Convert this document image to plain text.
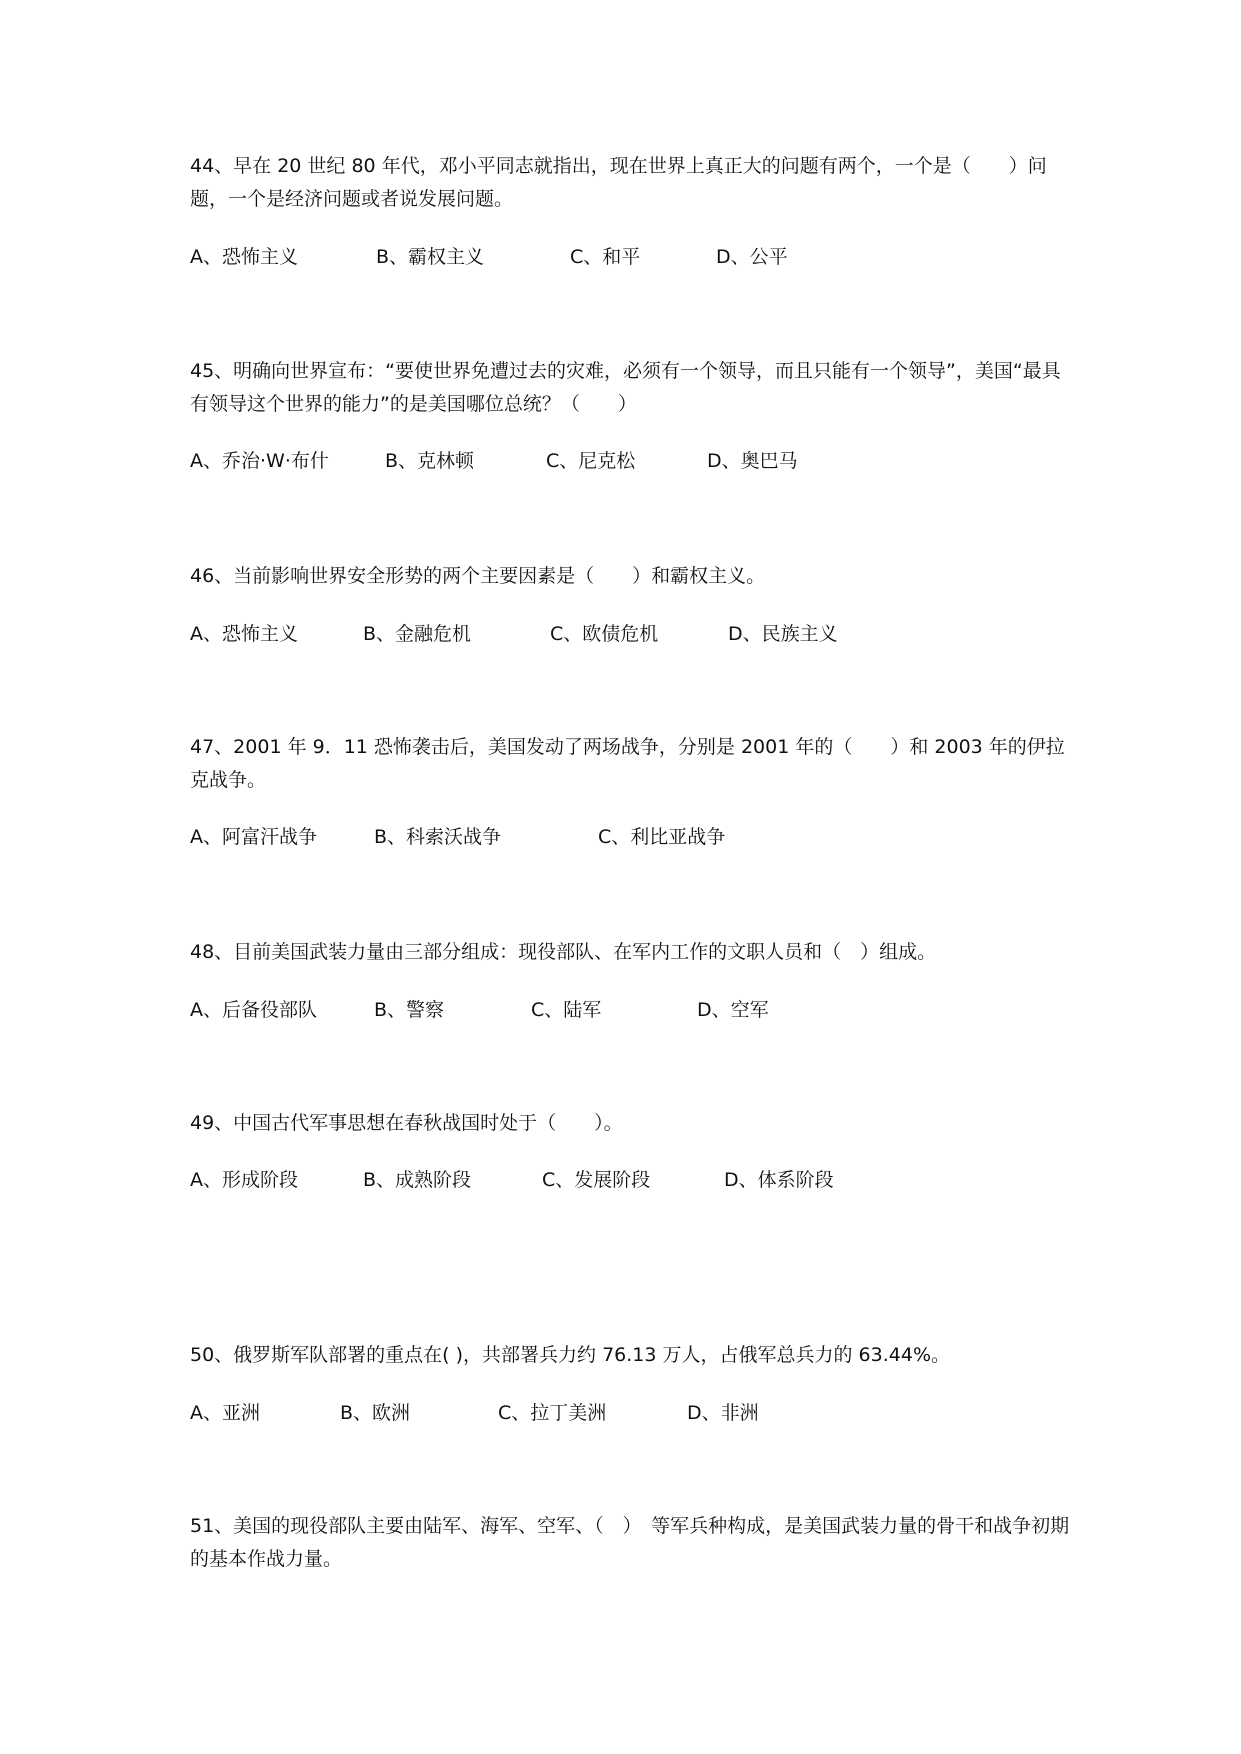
44、早在 20 世纪 80 年代，邓小平同志就指出，现在世界上真正大的问题有两个，一个是（　　）问题，一个是经济问题或者说发展问题。

A、恐怖主义	B、霸权主义	C、和平	D、公平

45、明确向世界宣布：“要使世界免遭过去的灾难，必须有一个领导，而且只能有一个领导”，美国“最具有领导这个世界的能力”的是美国哪位总统？（　　）

A、乔治·W·布什	B、克林顿	C、尼克松	D、奥巴马

46、当前影响世界安全形势的两个主要因素是（　　）和霸权主义。

A、恐怖主义	B、金融危机	C、欧债危机	D、民族主义

47、2001 年 9．11 恐怖袭击后，美国发动了两场战争，分别是 2001 年的（　　）和 2003 年的伊拉克战争。

A、阿富汗战争	B、科索沃战争	C、利比亚战争

48、目前美国武装力量由三部分组成：现役部队、在军内工作的文职人员和（　）组成。

A、后备役部队	B、警察	C、陆军	D、空军

49、中国古代军事思想在春秋战国时处于（　　）。

A、形成阶段	B、成熟阶段	C、发展阶段	D、体系阶段

50、俄罗斯军队部署的重点在( )，共部署兵力约 76.13 万人，占俄军总兵力的 63.44%。

A、亚洲	B、欧洲	C、拉丁美洲	D、非洲

51、美国的现役部队主要由陆军、海军、空军、（　）　等军兵种构成，是美国武装力量的骨干和战争初期的基本作战力量。
